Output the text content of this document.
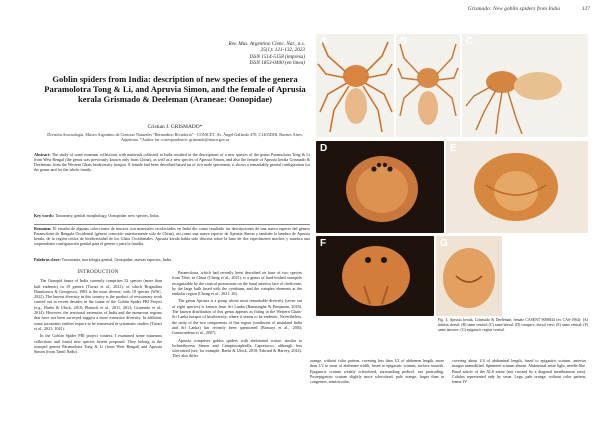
Grismado: New goblin spiders from India	127
Rev. Mus. Argentino Cienc. Nat., n.s.
25(1): 121-132, 2023
ISSN 1514-5158 (impresa)
ISSN 1853-0400 (en línea)
Goblin spiders from India: description of new species of the genera Paramolotra Tong & Li, and Apruvia Simon, and the female of Aprusia kerala Grismado & Deeleman (Araneae: Oonopidae)
Cristian J. GRISMADO*
División Aracnología, Museo Argentino de Ciencias Naturales "Bernardino Rivadavia" - CONICET. Av. Ángel Gallardo 470, C1405DJR, Buenos Aires, Argentina. *Author for correspondence: grismado@macn.gov.ar
Abstract: The study of some museum collections with materials collected in India resulted in the descriptions of a new species of the genus Paramolotra Tong & Li from West Bengal (the genus was previously known only from China), as well as a new species of Aprusia Simon, and also the female of Aprusia kerala Grismado & Deeleman, from the Western Ghats biodiversity hotspot. A female had been described based on of two male specimens, it shows a remarkably genital configuration for the genus and for the whole family.
Key words: Taxonomy, genital morphology, Oonopidae, new species, India.
Resumen: El estudio de algunas colecciones de museos con materiales recolectados en India dio como resultado las descripciones de una nueva especie del género Paramolotra de Bengala Occidental (género conocido anteriormente solo de China), así como una nueva especie de Aprusia Simon y también la hembra de Aprusia kerala, de la región crítica de biodiversidad de los Ghats Occidentales. Aprusia kerala había sido descrita sobre la base de dos especímenes machos y muestra una sorprendente configuración genital para el género y para la familia.
Palabras clave: Taxonomía, morfología genital, Oonopidae, nuevas especies, India.
INTRODUCTION

The Oonopid fauna of India currently comprises 52 species (more than half endemic) in 19 genera (Tiwari et al., 2021), of which Brignolina Dumitrescu & Georgescu, 1983 is the most diverse, with 18 species (WSC, 2022). The known diversity in this country is the product of revisionary work carried out in recent decades in the frame of the Goblin Spider PBI Project (e.g., Baehr & Ubick, 2010; Platnick et al., 2011, 2012; Grismado et al., 2014). However, the territorial extension of India and the numerous regions that have not been surveyed suggest a more extensive diversity. In addition, some taxonomic entities require to be reassessed in systematic studies (Tiwari et al., 2021: 1041).

In the Goblin Spider PBI project context, I examined some museums collections and found new species herein proposed. They belong to the oonopid genera Paramolotra Tong & Li (from West Bengal) and Aprusia Simon (from Tamil Nadu).

Paramolotra, which had recently been described on base of two species from Tibet, in China (Cheng et al., 2021), is a genus of hard-bodied oonopids recognizable by the conical protrusions on the basal anterior face of chelicerae, by the large bulb fused with the cymbium, and the complex elements at the embolar region (Cheng et al., 2021: 26).

The genus Aprusia is a group whose most remarkable diversity (seven out of eight species) is known from Sri Lanka (Ranasinghe & Benjamin, 2018). The known distribution of this genus appears as fitting in the Western Ghats-Sri Lanka hotspot of biodiversity, where it seems to be endemic. Nevertheless, the unity of the two components of this region (southwest of mainland India and Sri Lanka) has recently been questioned (Bossuyt et al., 2004; Gunawardena et al., 2007).

Aprusia comprises goblin spiders with abdominal scutae, similar to Ischnothyreus Simon and Camptoscaphiella Caporiacco, although less sclerotized (see, for example, Baehr & Ubick, 2010; Edward & Harvey, 2014). They also differ

A	B	C
D	E
F	G
Fig. 4. Aprusia kerala, Grismado & Deeleman, female CASENT 9008844 (ex CAS-1964): (A) habitus dorsal; (B) same ventral; (C) same lateral; (D) carapace, dorsal view; (E) same ventral; (F) same anterior; (G) epigastric region ventral.

orange, without color pattern, covering less than 1/2 of abdomen length, more than 1/2 to most of abdomen width, fused to epigastric scutum, surface smooth. Epigastric scutum weakly sclerotized, surrounding pedicel, not protruding. Postepigastric scutum slightly more sclerotized, pale orange, larger than in congeners, semicircular,

covering about 1/4 of abdominal length, fused to epigastric scutum, anterior margin unmodified. Spinneret scutum absent. Abdominal setae light, needle-like. Basal article of the ALS entire (not crossed by a diagonal membranous area). Colulus represented only by setae. Legs: pale orange, without color pattern, femur IV
